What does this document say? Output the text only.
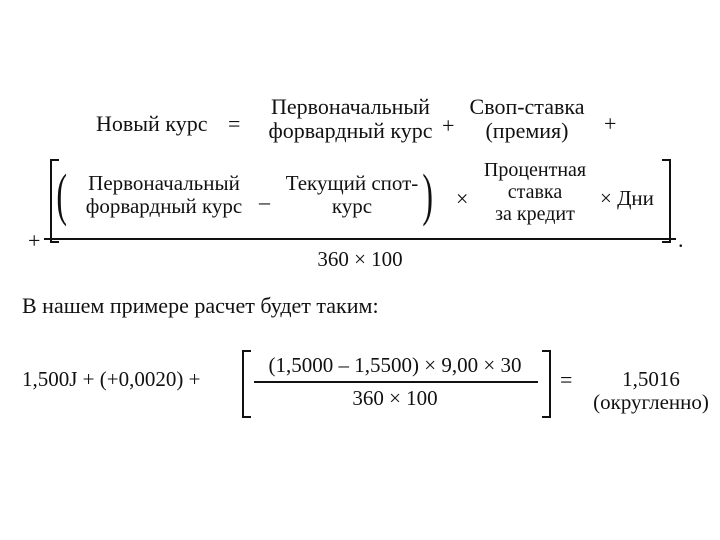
Новый курс =
Первоначальный
форвардный курс +
Своп-ставка
(премия)	+
+
(	Первоначальный
форвардный курс –
Текущий спот-
курс ) ×
Процентная
ставка
за кредит
× Дни
.
360 × 100
В нашем примере расчет будет таким:
1,500J + (+0,0020) +
(1,5000 – 1,5500) × 9,00 × 30
360 × 100
=	1,5016
(округленно)
